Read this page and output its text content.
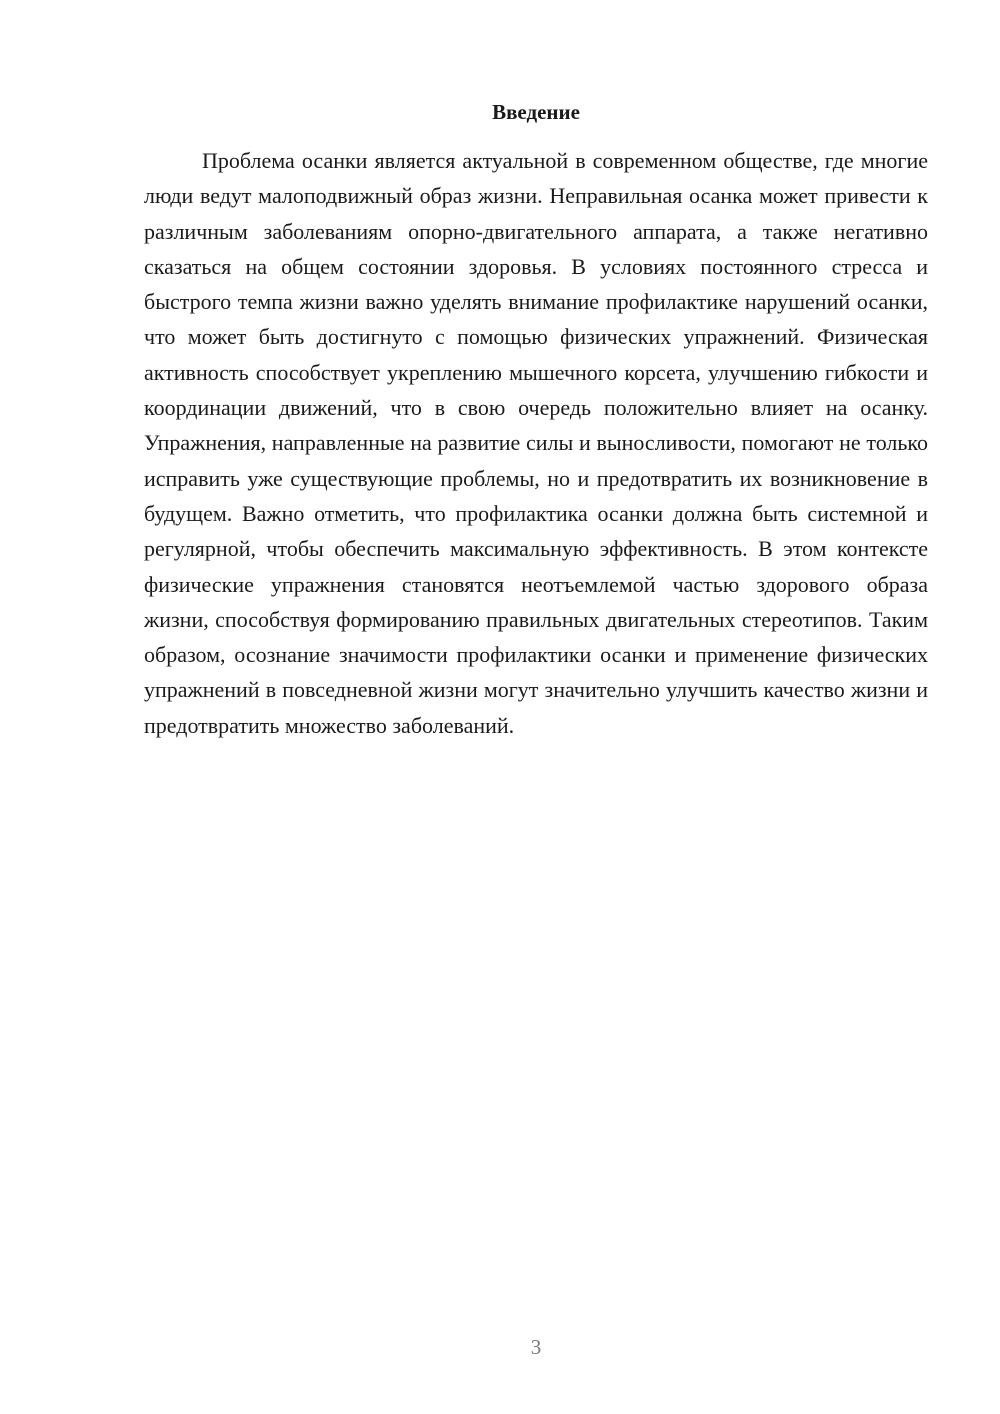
Введение

Проблема осанки является актуальной в современном обществе, где многие люди ведут малоподвижный образ жизни. Неправильная осанка может привести к различным заболеваниям опорно-двигательного аппарата, а также негативно сказаться на общем состоянии здоровья. В условиях постоянного стресса и быстрого темпа жизни важно уделять внимание профилактике нарушений осанки, что может быть достигнуто с помощью физических упражнений. Физическая активность способствует укреплению мышечного корсета, улучшению гибкости и координации движений, что в свою очередь положительно влияет на осанку. Упражнения, направленные на развитие силы и выносливости, помогают не только исправить уже существующие проблемы, но и предотвратить их возникновение в будущем. Важно отметить, что профилактика осанки должна быть системной и регулярной, чтобы обеспечить максимальную эффективность. В этом контексте физические упражнения становятся неотъемлемой частью здорового образа жизни, способствуя формированию правильных двигательных стереотипов. Таким образом, осознание значимости профилактики осанки и применение физических упражнений в повседневной жизни могут значительно улучшить качество жизни и предотвратить множество заболеваний.

3
